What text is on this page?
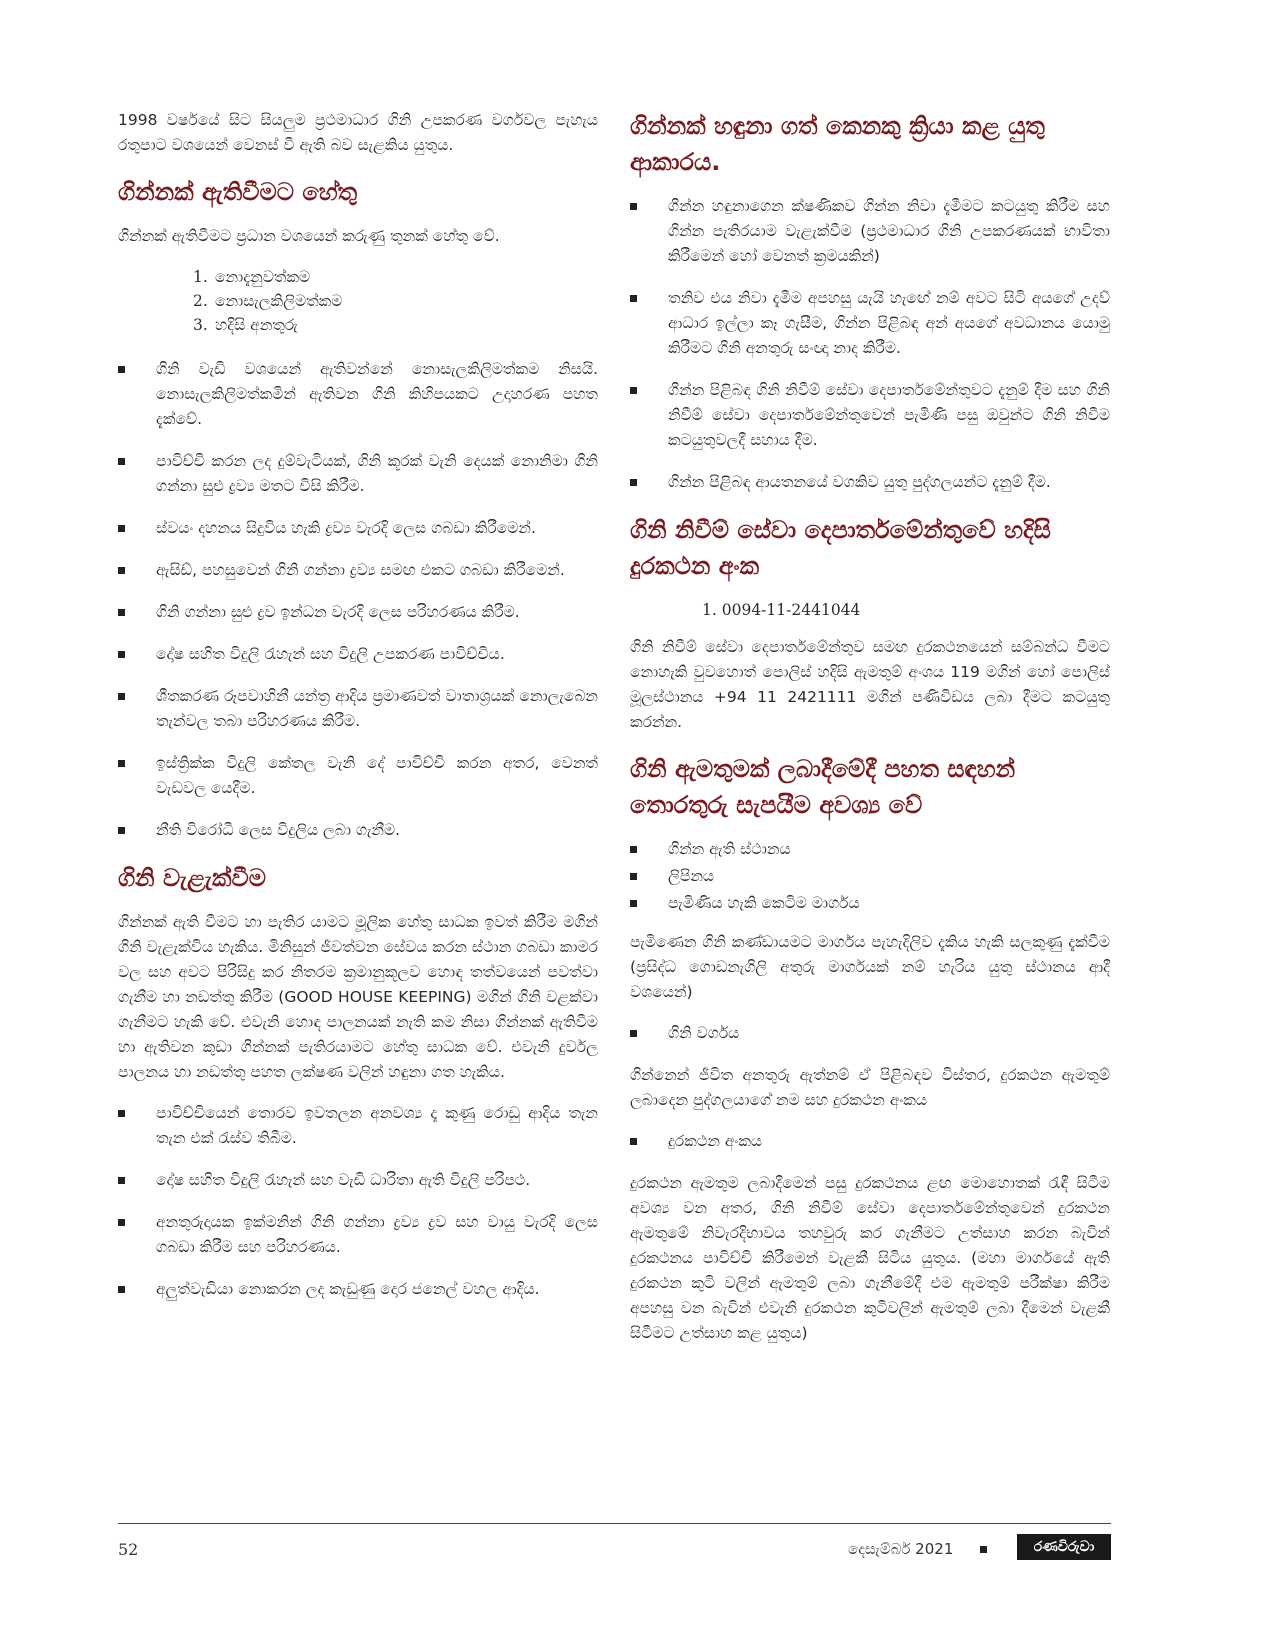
1998 වර්ෂයේ සිට සියලුම ප්‍රථමාධාර ගිනි උපකරණ වර්ගවල පැහැය රතුපාට වශයෙන් වෙනස් වී ඇති බව සැළකිය යුතුය.

ගින්නක් ඇතිවීමට හේතු

ගින්නක් ඇතිවීමට ප්‍රධාන වශයෙන් කරුණු තුනක් හේතු වේ.

1. නොදැනුවත්කම
2. නොසැලකිලිමත්කම
3. හදිසි අනතුරු
ගිනි වැඩි වශයෙන් ඇතිවන්නේ නොසැලකිලිමත්කම නිසයි. නොසැලකිලිමත්කමින් ඇතිවන ගිනි කිහිපයකට උදාහරණ පහත දැක්වේ.
පාවිච්චි කරන ලද දුම්වැටියක්, ගිනි කූරක් වැනි දෙයක් නොනිමා ගිනි ගන්නා සුළු ද්‍රව්‍ය මතට විසි කිරීම.
ස්වයං දහනය සිදුවිය හැකි ද්‍රව්‍ය වැරදි ලෙස ගබඩා කිරීමෙන්.
ඇසිඩ්, පහසුවෙන් ගිනි ගන්නා ද්‍රව්‍ය සමඟ එකට ගබඩා කිරීමෙන්.
ගිනි ගන්නා සුළු ද්‍රව ඉන්ධන වැරදි ලෙස පරිහරණය කිරීම.
දෝෂ සහිත විදුලි රැහැන් සහ විදුලි උපකරණ පාවිච්චිය.
ශීතකරණ රූපවාහිනී යන්ත්‍ර ආදිය ප්‍රමාණවත් වාතාශ්‍රයක් නොලැබෙන තැන්වල තබා පරිහරණය කිරීම.
ඉස්ත්‍රික්ක විදුලි කේතල වැනි දේ පාවිච්චි කරන අතර, වෙනත් වැඩවල යෙදීම.
නීති විරෝධී ලෙස විදුලිය ලබා ගැනීම.
ගිනි වැළැක්වීම

ගින්නක් ඇති වීමට හා පැතිර යාමට මූලික හේතු සාධක ඉවත් කිරීම මගින් ගිනි වැළැක්විය හැකිය. මිනිසුන් ජීවත්වන සේවය කරන ස්ථාන ගබඩා කාමර වල සහ අවට පිරිසිදු කර නිතරම ක්‍රමානුකූලව හොඳ තත්වයෙන් පවත්වා ගැනීම හා නඩත්තු කිරීම (GOOD HOUSE KEEPING) මගින් ගිනි වළක්වා ගැනීමට හැකි වේ. එවැනි හොඳ පාලනයක් නැති කම නිසා ගින්නක් ඇතිවීම හා ඇතිවන කුඩා ගින්නක් පැතිරයාමට හේතු සාධක වේ. එවැනි දුර්වල පාලනය හා නඩත්තු පහත ලක්ෂණ වලින් හඳුනා ගත හැකිය.

පාවිච්චියෙන් තොරව ඉවතලන අනවශ්‍ය දෑ කුණු රොඩු ආදිය තැන තැන එක් රැස්ව තිබීම.
දෝෂ සහිත විදුලි රැහැන් සහ වැඩි ධාරිතා ඇති විදුලි පරිපථ.
අනතුරුදායක ඉක්මනින් ගිනි ගන්නා ද්‍රව්‍ය ද්‍රව සහ වායු වැරදි ලෙස ගබඩා කිරීම සහ පරිහරණය.
අලුත්වැඩියා නොකරන ලද කැඩුණු දොර ජනෙල් වහල ආදිය.
ගින්නක් හඳුනා ගත් කෙනකු ක්‍රියා කළ යුතු ආකාරය.
ගින්න හඳුනාගෙන ක්ෂණිකව ගින්න නිවා දැමීමට කටයුතු කිරීම සහ ගින්න පැතිරයාම වැළැක්වීම (ප්‍රථමාධාර ගිනි උපකරණයක් භාවිතා කිරීමෙන් හෝ වෙනත් ක්‍රමයකින්)
තනිව එය නිවා දැමීම අපහසු යැයි හැඟේ නම් අවට සිටි අයගේ උදව් ආධාර ඉල්ලා කෑ ගැසීම, ගින්න පිළිබඳ අන් අයගේ අවධානය යොමු කිරීමට ගිනි අනතුරු සංඥා නාද කිරීම.
ගින්න පිළිබඳ ගිනි නිවීම් සේවා දෙපාර්තමේන්තුවට දැනුම් දීම සහ ගිනි නිවීම් සේවා දෙපාර්තමේන්තුවෙන් පැමිණි පසු ඔවුන්ට ගිනි නිවීම කටයුතුවලදී සහාය දීම.
ගින්න පිළිබඳ ආයතනයේ වගකිව යුතු පුද්ගලයන්ට දැනුම් දීම.
ගිනි නිවීම් සේවා දෙපාර්තමේන්තුවේ හදිසි දුරකථන අංක

1. 0094-11-2441044

ගිනි නිවීම් සේවා දෙපාර්තමේන්තුව සමඟ දුරකථනයෙන් සම්බන්ධ වීමට නොහැකි වුවහොත් පොලිස් හදිසි ඇමතුම් අංශය 119 මගින් හෝ පොලිස් මූලස්ථානය +94 11 2421111 මගින් පණිවිඩය ලබා දීමට කටයුතු කරන්න.

ගිනි ඇමතුමක් ලබාදීමේදී පහත සඳහන් තොරතුරු සැපයීම අවශ්‍ය වේ
ගින්න ඇති ස්ථානය
ලිපිනය
පැමිණිය හැකි කෙටිම මාර්ගය

පැමිණෙන ගිනි කණ්ඩායමට මාර්ගය පැහැදිලිව දැකිය හැකි සලකුණු දැක්වීම (ප්‍රසිද්ධ ගොඩනැගිලි අතුරු මාර්ගයක් නම් හැරිය යුතු ස්ථානය ආදී වශයෙන්)

ගිනි වර්ගය

ගින්නෙන් ජීවිත අනතුරු ඇත්නම් ඒ පිළිබඳව විස්තර, දුරකථන ඇමතුම් ලබාදෙන පුද්ගලයාගේ නම සහ දුරකථන අංකය

දුරකථන අංකය

දුරකථන ඇමතුම ලබාදීමෙන් පසු දුරකථනය ළඟ මොහොතක් රැඳී සිටීම අවශ්‍ය වන අතර, ගිනි නිවීම් සේවා දෙපාර්තමේන්තුවෙන් දුරකථන ඇමතුමේ නිවැරදිභාවය තහවුරු කර ගැනීමට උත්සාහ කරන බැවින් දුරකථනය පාවිච්චි කිරීමෙන් වැළකී සිටිය යුතුය. (මහා මාර්ගයේ ඇති දුරකථන කුටි වලින් ඇමතුම් ලබා ගැනීමේදී එම ඇමතුම් පරීක්ෂා කිරීම අපහසු වන බැවින් එවැනි දුරකථන කුටිවලින් ඇමතුම් ලබා දීමෙන් වැළකී සිටීමට උත්සාහ කළ යුතුය)

52	දෙසැම්බර් 2021	රණවිරුවා
